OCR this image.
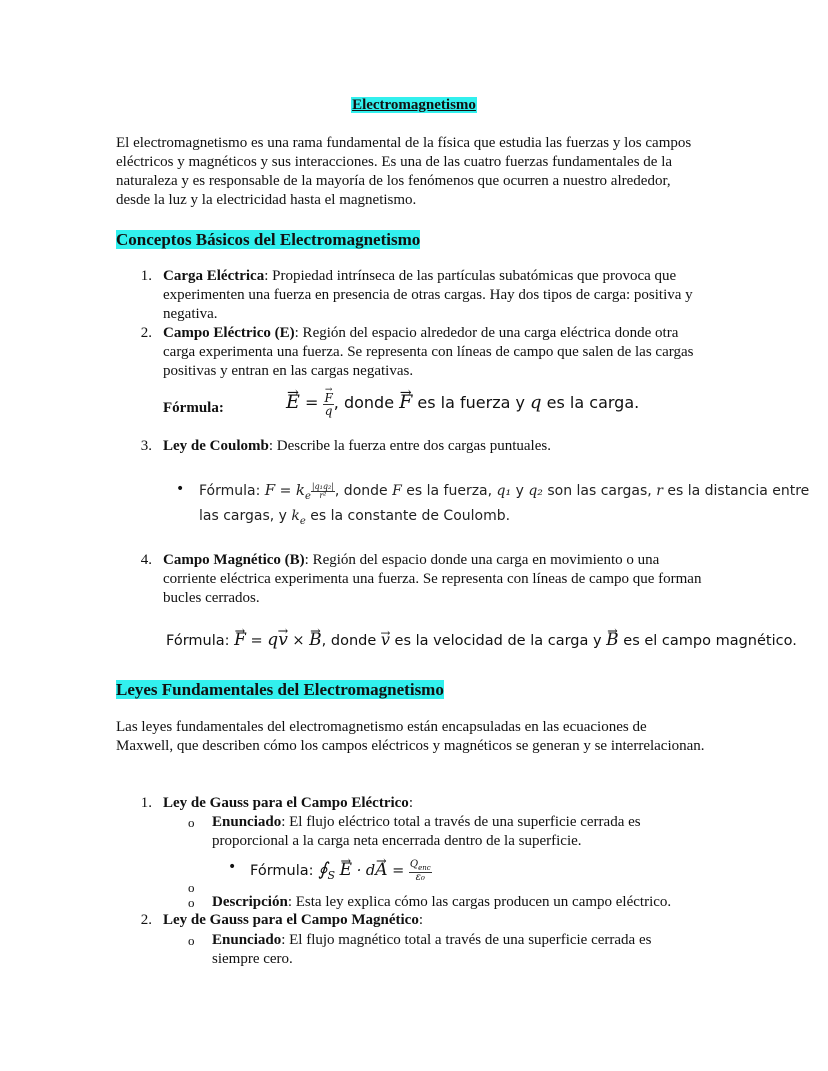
Electromagnetismo
El electromagnetismo es una rama fundamental de la física que estudia las fuerzas y los campos eléctricos y magnéticos y sus interacciones. Es una de las cuatro fuerzas fundamentales de la naturaleza y es responsable de la mayoría de los fenómenos que ocurren a nuestro alrededor, desde la luz y la electricidad hasta el magnetismo.
Conceptos Básicos del Electromagnetismo
1. Carga Eléctrica: Propiedad intrínseca de las partículas subatómicas que provoca que experimenten una fuerza en presencia de otras cargas. Hay dos tipos de carga: positiva y negativa.
2. Campo Eléctrico (E): Región del espacio alrededor de una carga eléctrica donde otra carga experimenta una fuerza. Se representa con líneas de campo que salen de las cargas positivas y entran en las cargas negativas.
Fórmula:	→ E = → $\frac{F}{q}$ , donde → F es la fuerza y q es la carga.
3. Ley de Coulomb: Describe la fuerza entre dos cargas puntuales.
• Fórmula: $F = k_e \frac{\text{|q₁q₂|}}{\text{r²}}$ , donde F es la fuerza, q₁ y q₂ son las cargas, r es la distancia entre
las cargas, y $k_e$ es la constante de Coulomb.
4. Campo Magnético (B): Región del espacio donde una carga en movimiento o una corriente eléctrica experimenta una fuerza. Se representa con líneas de campo que forman bucles cerrados.
Fórmula: → F = q→ v × → B, donde → v es la velocidad de la carga y → B es el campo magnético.
Leyes Fundamentales del Electromagnetismo
Las leyes fundamentales del electromagnetismo están encapsuladas en las ecuaciones de Maxwell, que describen cómo los campos eléctricos y magnéticos se generan y se interrelacionan.
1. Ley de Gauss para el Campo Eléctrico:
o Enunciado: El flujo eléctrico total a través de una superficie cerrada es proporcional a la carga neta encerrada dentro de la superficie.
• Fórmula: $∮_S \to E \cdot d\to A = \frac{Q_{enc}}{\text{ε₀}}$
o
o Descripción: Esta ley explica cómo las cargas producen un campo eléctrico.
2. Ley de Gauss para el Campo Magnético:
o Enunciado: El flujo magnético total a través de una superficie cerrada es siempre cero.
